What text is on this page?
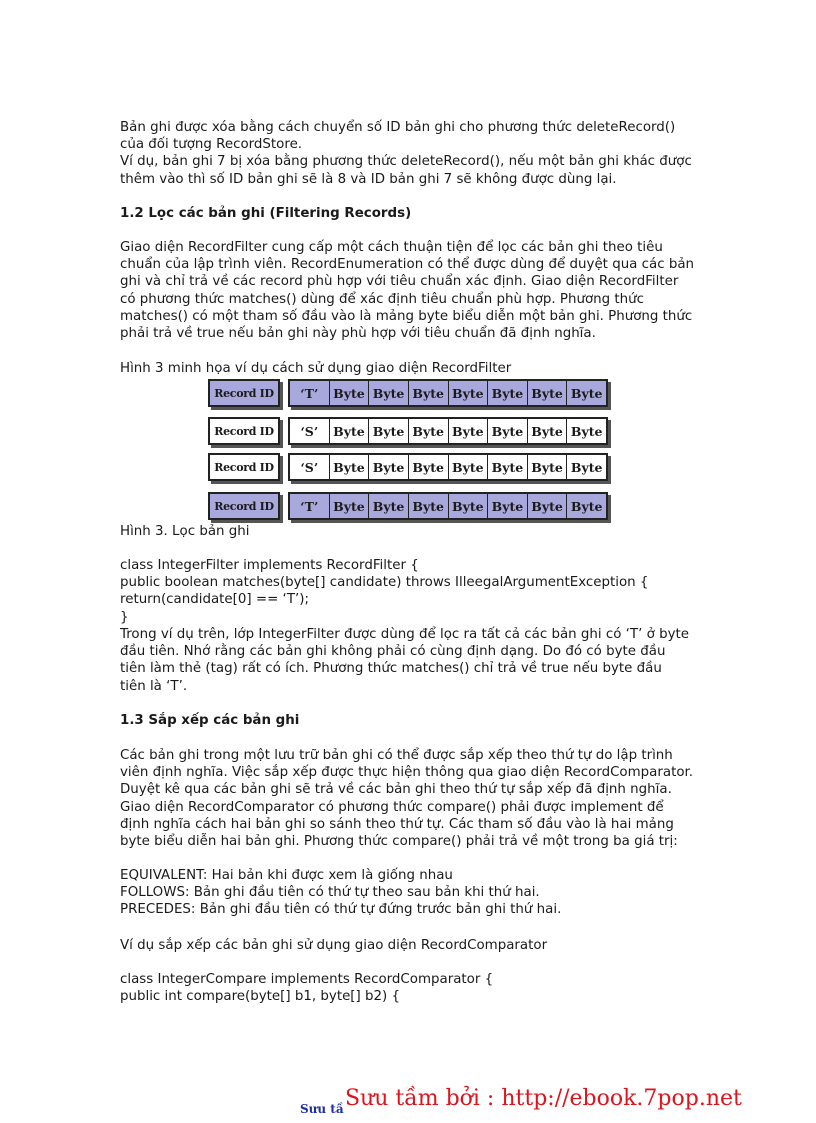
Bản ghi được xóa bằng cách chuyển số ID bản ghi cho phương thức deleteRecord()

của đối tượng RecordStore.

Ví dụ, bản ghi 7 bị xóa bằng phương thức deleteRecord(), nếu một bản ghi khác được

thêm vào thì số ID bản ghi sẽ là 8 và ID bản ghi 7 sẽ không được dùng lại.

1.2 Lọc các bản ghi (Filtering Records)

Giao diện RecordFilter cung cấp một cách thuận tiện để lọc các bản ghi theo tiêu

chuẩn của lập trình viên. RecordEnumeration có thể được dùng để duyệt qua các bản

ghi và chỉ trả về các record phù hợp với tiêu chuẩn xác định. Giao diện RecordFilter

có phương thức matches() dùng để xác định tiêu chuẩn phù hợp. Phương thức

matches() có một tham số đầu vào là mảng byte biểu diễn một bản ghi. Phương thức

phải trả về true nếu bản ghi này phù hợp với tiêu chuẩn đã định nghĩa.

Hình 3 minh họa ví dụ cách sử dụng giao diện RecordFilter
Record ID	‘T’	Byte Byte Byte Byte Byte Byte Byte
Record ID	‘S’	Byte Byte Byte Byte Byte Byte Byte
Record ID	‘S’	Byte Byte Byte Byte Byte Byte Byte
Record ID	‘T’	Byte Byte Byte Byte Byte Byte Byte
Hình 3. Lọc bản ghi

class IntegerFilter implements RecordFilter {

public boolean matches(byte[] candidate) throws IlleegalArgumentException {

return(candidate[0] == ‘T’);

}

Trong ví dụ trên, lớp IntegerFilter được dùng để lọc ra tất cả các bản ghi có ‘T’ ở byte

đầu tiên. Nhớ rằng các bản ghi không phải có cùng định dạng. Do đó có byte đầu

tiên làm thẻ (tag) rất có ích. Phương thức matches() chỉ trả về true nếu byte đầu

tiên là ‘T’.

1.3 Sắp xếp các bản ghi

Các bản ghi trong một lưu trữ bản ghi có thể được sắp xếp theo thứ tự do lập trình

viên định nghĩa. Việc sắp xếp được thực hiện thông qua giao diện RecordComparator.

Duyệt kê qua các bản ghi sẽ trả về các bản ghi theo thứ tự sắp xếp đã định nghĩa.

Giao diện RecordComparator có phương thức compare() phải được implement để

định nghĩa cách hai bản ghi so sánh theo thứ tự. Các tham số đầu vào là hai mảng

byte biểu diễn hai bản ghi. Phương thức compare() phải trả về một trong ba giá trị:

EQUIVALENT: Hai bản khi được xem là giống nhau

FOLLOWS: Bản ghi đầu tiên có thứ tự theo sau bản khi thứ hai.

PRECEDES: Bản ghi đầu tiên có thứ tự đứng trước bản ghi thứ hai.

Ví dụ sắp xếp các bản ghi sử dụng giao diện RecordComparator

class IntegerCompare implements RecordComparator {

public int compare(byte[] b1, byte[] b2) {

Sưu tầ Sưu tầm bởi : http://ebook.7pop.net
